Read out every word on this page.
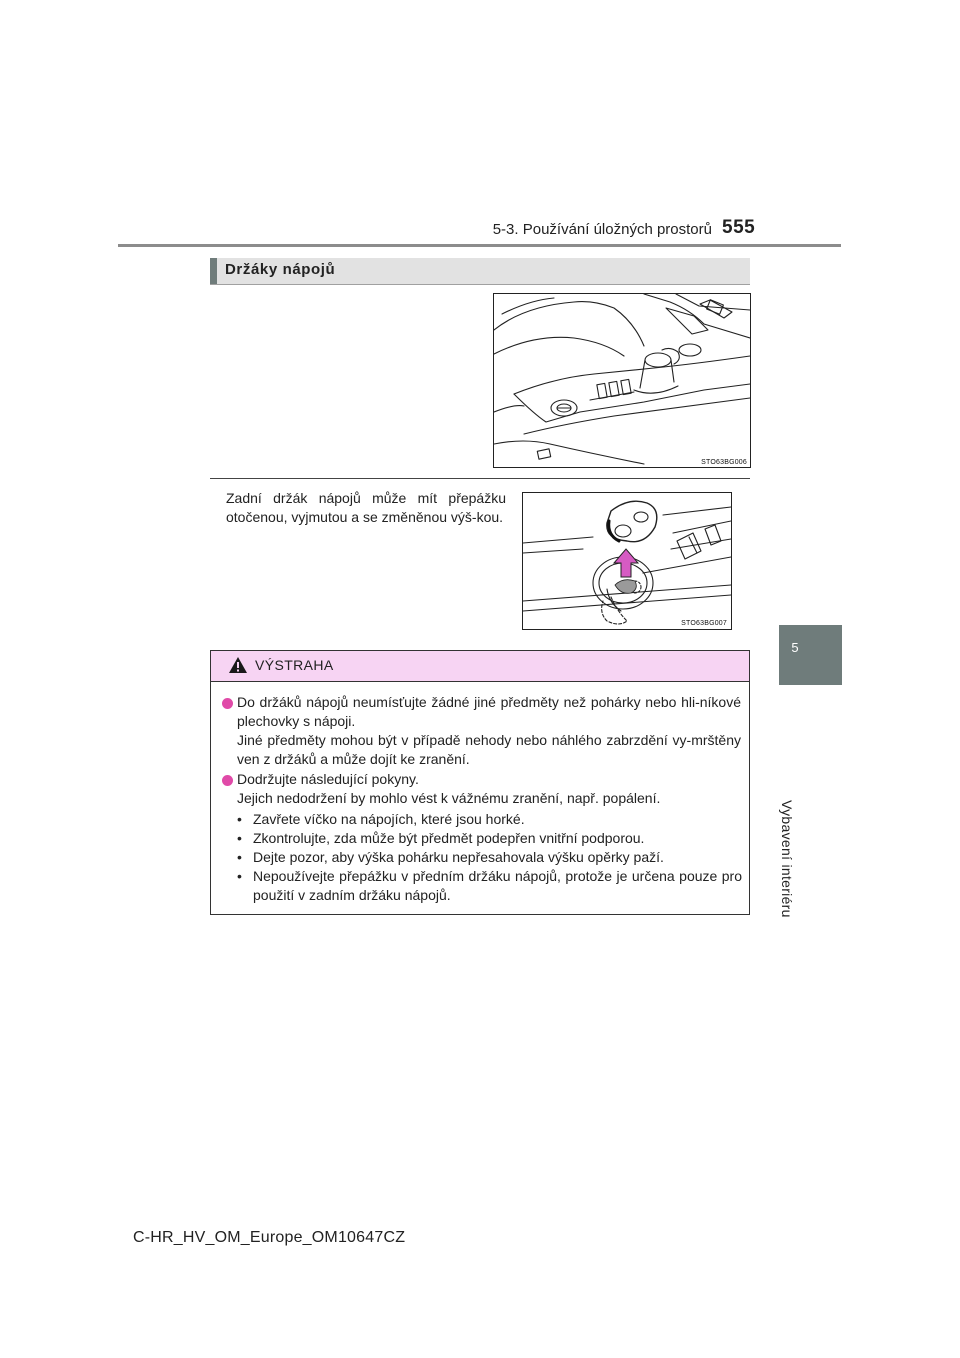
5-3. Používání úložných prostorů 555
5
Vybavení interiéru
Držáky nápojů
STO63BG006
Zadní držák nápojů může mít přepážku otočenou, vyjmutou a se změněnou výš-kou.
STO63BG007
VÝSTRAHA
Do držáků nápojů neumísťujte žádné jiné předměty než pohárky nebo hli-níkové plechovky s nápoji.
Jiné předměty mohou být v případě nehody nebo náhlého zabrzdění vy-mrštěny ven z držáků a může dojít ke zranění.
Dodržujte následující pokyny.
Jejich nedodržení by mohlo vést k vážnému zranění, např. popálení.
• Zavřete víčko na nápojích, které jsou horké.
• Zkontrolujte, zda může být předmět podepřen vnitřní podporou.
• Dejte pozor, aby výška pohárku nepřesahovala výšku opěrky paží.
• Nepoužívejte přepážku v předním držáku nápojů, protože je určena pouze pro použití v zadním držáku nápojů.
C-HR_HV_OM_Europe_OM10647CZ
